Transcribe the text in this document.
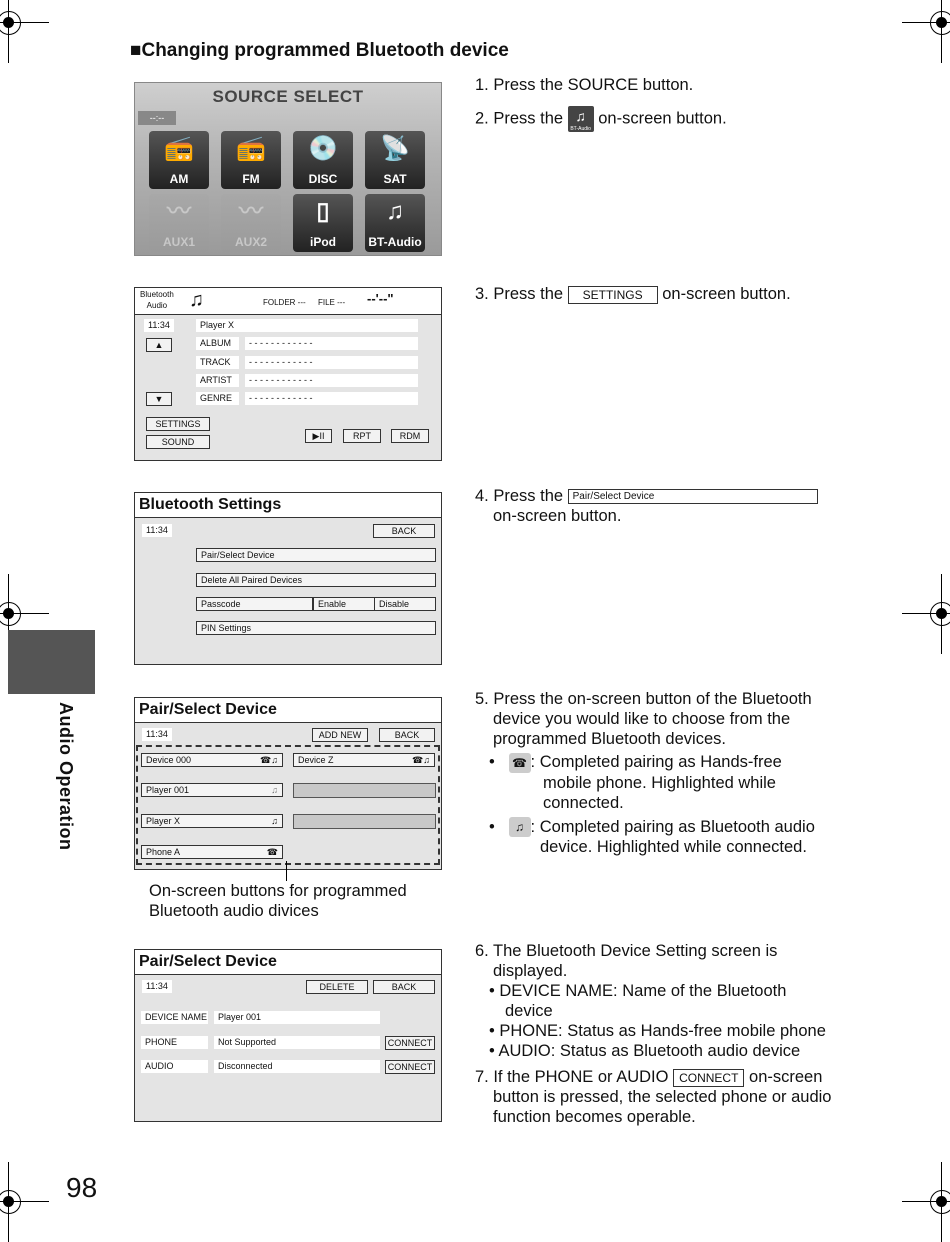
■Changing programmed Bluetooth device
Audio Operation
98
SOURCE SELECT
--:--
📻
AM
📻
FM
💿
DISC
📡
SAT
〰
AUX1
〰
AUX2
▯
iPod
♫
BT-Audio
Bluetooth
Audio	♫	FOLDER --- FILE --- --'--"
11:34	Player X
▲
▼
ALBUM	- - - - - - - - - - - -
TRACK	- - - - - - - - - - - -
ARTIST	- - - - - - - - - - - -
GENRE	- - - - - - - - - - - -
SETTINGS
SOUND
▶II	RPT	RDM
Bluetooth Settings
11:34	BACK
Pair/Select Device
Delete All Paired Devices
Passcode	Enable	Disable
PIN Settings
Pair/Select Device
11:34	ADD NEW	BACK
Device 000	☎♫	Device Z	☎♫
Player 001	♫
Player X	♫
Phone A	☎
On-screen buttons for programmed
Bluetooth audio divices
Pair/Select Device
11:34	DELETE	BACK
DEVICE NAME	Player 001
PHONE	Not Supported	CONNECT
AUDIO	Disconnected	CONNECT
1. Press the SOURCE button.
2. Press the ♫
BT-Audio
on-screen button.
3. Press the SETTINGS on-screen button.
4. Press the Pair/Select Device
on-screen button.
5. Press the on-screen button of the Bluetooth
device you would like to choose from the
programmed Bluetooth devices.
•   ☎ : Completed pairing as Hands-free
mobile phone. Highlighted while
connected.
•   ♫ : Completed pairing as Bluetooth audio
device. Highlighted while connected.
6. The Bluetooth Device Setting screen is
displayed.
• DEVICE NAME: Name of the Bluetooth
device
• PHONE: Status as Hands-free mobile phone
• AUDIO: Status as Bluetooth audio device
7. If the PHONE or AUDIO CONNECT on-screen
button is pressed, the selected phone or audio
function becomes operable.
